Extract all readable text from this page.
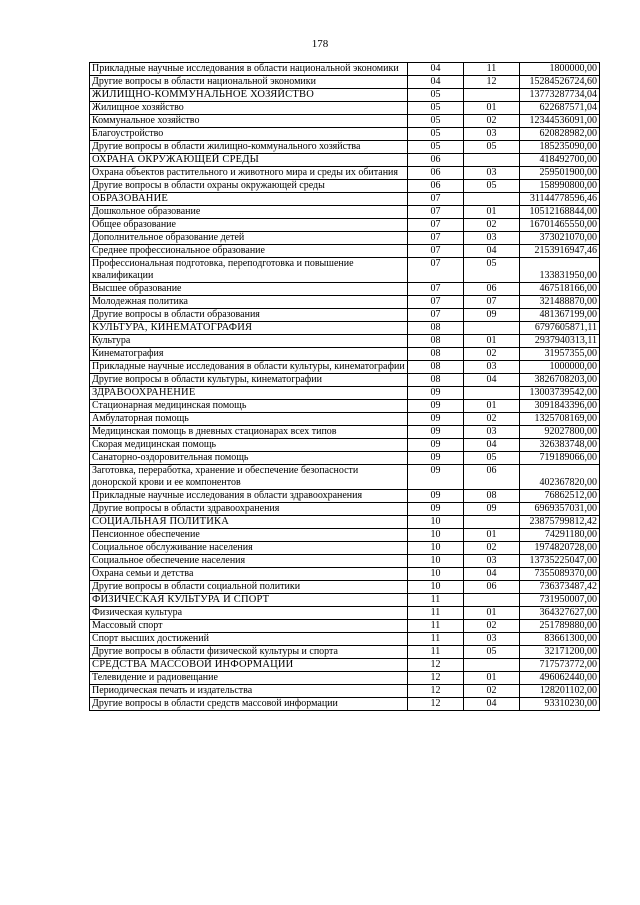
178
Прикладные научные исследования в области национальной экономики	04	11	1800000,00
Другие вопросы в области национальной экономики	04	12	15284526724,60
ЖИЛИЩНО-КОММУНАЛЬНОЕ ХОЗЯЙСТВО	05		13773287734,04
Жилищное хозяйство	05	01	622687571,04
Коммунальное хозяйство	05	02	12344536091,00
Благоустройство	05	03	620828982,00
Другие вопросы в области жилищно-коммунального хозяйства	05	05	185235090,00
ОХРАНА ОКРУЖАЮЩЕЙ СРЕДЫ	06		418492700,00
Охрана объектов растительного и животного мира и среды их обитания	06	03	259501900,00
Другие вопросы в области охраны окружающей среды	06	05	158990800,00
ОБРАЗОВАНИЕ	07		31144778596,46
Дошкольное образование	07	01	10512168844,00
Общее образование	07	02	16701465550,00
Дополнительное образование детей	07	03	373021070,00
Среднее профессиональное образование	07	04	2153916947,46
Профессиональная подготовка, переподготовка и повышение квалификации	07	05	133831950,00
Высшее образование	07	06	467518166,00
Молодежная политика	07	07	321488870,00
Другие вопросы в области образования	07	09	481367199,00
КУЛЬТУРА, КИНЕМАТОГРАФИЯ	08		6797605871,11
Культура	08	01	2937940313,11
Кинематография	08	02	31957355,00
Прикладные научные исследования в области культуры, кинематографии	08	03	1000000,00
Другие вопросы в области культуры, кинематографии	08	04	3826708203,00
ЗДРАВООХРАНЕНИЕ	09		13003739542,00
Стационарная медицинская помощь	09	01	3091843396,00
Амбулаторная помощь	09	02	1325708169,00
Медицинская помощь в дневных стационарах всех типов	09	03	92027800,00
Скорая медицинская помощь	09	04	326383748,00
Санаторно-оздоровительная помощь	09	05	719189066,00
Заготовка, переработка, хранение и обеспечение безопасности донорской крови и ее компонентов	09	06	402367820,00
Прикладные научные исследования в области здравоохранения	09	08	76862512,00
Другие вопросы в области здравоохранения	09	09	6969357031,00
СОЦИАЛЬНАЯ ПОЛИТИКА	10		23875799812,42
Пенсионное обеспечение	10	01	74291180,00
Социальное обслуживание населения	10	02	1974820728,00
Социальное обеспечение населения	10	03	13735225047,00
Охрана семьи и детства	10	04	7355089370,00
Другие вопросы в области социальной политики	10	06	736373487,42
ФИЗИЧЕСКАЯ КУЛЬТУРА И СПОРТ	11		731950007,00
Физическая культура	11	01	364327627,00
Массовый спорт	11	02	251789880,00
Спорт высших достижений	11	03	83661300,00
Другие вопросы в области физической культуры и спорта	11	05	32171200,00
СРЕДСТВА МАССОВОЙ ИНФОРМАЦИИ	12		717573772,00
Телевидение и радиовещание	12	01	496062440,00
Периодическая печать и издательства	12	02	128201102,00
Другие вопросы в области средств массовой информации	12	04	93310230,00
